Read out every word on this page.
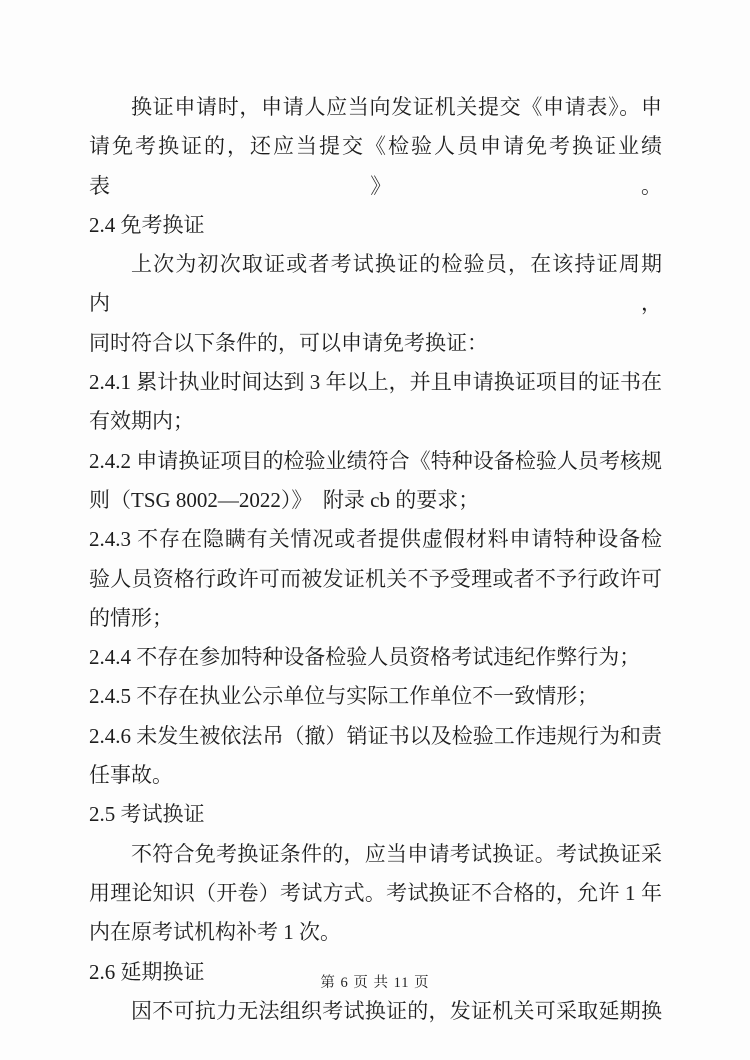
换证申请时，申请人应当向发证机关提交《申请表》。申
请免考换证的，还应当提交《检验人员申请免考换证业绩表》。
2.4 免考换证
上次为初次取证或者考试换证的检验员，在该持证周期内，
同时符合以下条件的，可以申请免考换证：
2.4.1 累计执业时间达到 3 年以上，并且申请换证项目的证书在
有效期内；
2.4.2 申请换证项目的检验业绩符合《特种设备检验人员考核规
则（TSG 8002—2022）》　附录 cb 的要求；
2.4.3 不存在隐瞒有关情况或者提供虚假材料申请特种设备检
验人员资格行政许可而被发证机关不予受理或者不予行政许可
的情形；
2.4.4 不存在参加特种设备检验人员资格考试违纪作弊行为；
2.4.5 不存在执业公示单位与实际工作单位不一致情形；
2.4.6 未发生被依法吊（撤）销证书以及检验工作违规行为和责
任事故。
2.5 考试换证
不符合免考换证条件的，应当申请考试换证。考试换证采
用理论知识（开卷）考试方式。考试换证不合格的，允许 1 年
内在原考试机构补考 1 次。
2.6 延期换证
因不可抗力无法组织考试换证的，发证机关可采取延期换
第 6 页 共 11 页
